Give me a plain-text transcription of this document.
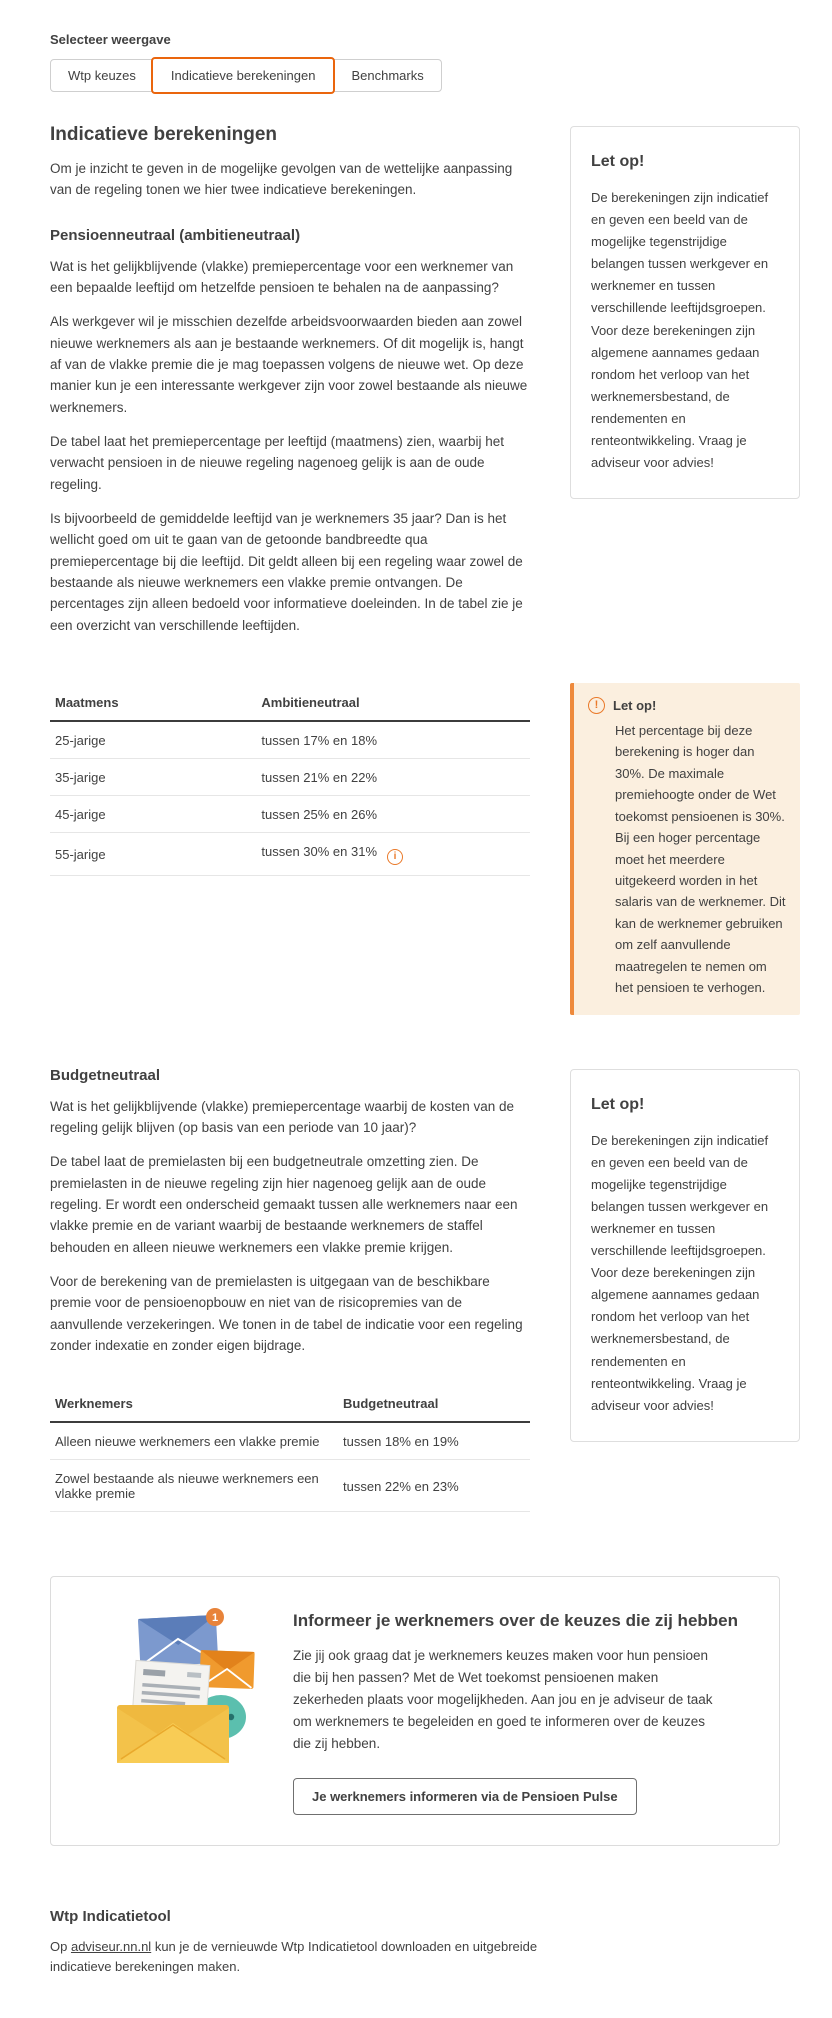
Selecteer weergave
Wtp keuzes	Indicatieve berekeningen	Benchmarks
Indicatieve berekeningen

Om je inzicht te geven in de mogelijke gevolgen van de wettelijke aanpassing van de regeling tonen we hier twee indicatieve berekeningen.

Pensioenneutraal (ambitieneutraal)

Wat is het gelijkblijvende (vlakke) premiepercentage voor een werknemer van een bepaalde leeftijd om hetzelfde pensioen te behalen na de aanpassing?

Als werkgever wil je misschien dezelfde arbeidsvoorwaarden bieden aan zowel nieuwe werknemers als aan je bestaande werknemers. Of dit mogelijk is, hangt af van de vlakke premie die je mag toepassen volgens de nieuwe wet. Op deze manier kun je een interessante werkgever zijn voor zowel bestaande als nieuwe werknemers.

De tabel laat het premiepercentage per leeftijd (maatmens) zien, waarbij het verwacht pensioen in de nieuwe regeling nagenoeg gelijk is aan de oude regeling.

Is bijvoorbeeld de gemiddelde leeftijd van je werknemers 35 jaar? Dan is het wellicht goed om uit te gaan van de getoonde bandbreedte qua premiepercentage bij die leeftijd. Dit geldt alleen bij een regeling waar zowel de bestaande als nieuwe werknemers een vlakke premie ontvangen. De percentages zijn alleen bedoeld voor informatieve doeleinden. In de tabel zie je een overzicht van verschillende leeftijden.

Let op!

De berekeningen zijn indicatief en geven een beeld van de mogelijke tegenstrijdige belangen tussen werkgever en werknemer en tussen verschillende leeftijdsgroepen. Voor deze berekeningen zijn algemene aannames gedaan rondom het verloop van het werknemersbestand, de rendementen en renteontwikkeling. Vraag je adviseur voor advies!

Maatmens	Ambitieneutraal
25-jarige	tussen 17% en 18%
35-jarige	tussen 21% en 22%
45-jarige	tussen 25% en 26%
55-jarige	tussen 30% en 31% i
!	Let op!

Het percentage bij deze berekening is hoger dan 30%. De maximale premiehoogte onder de Wet toekomst pensioenen is 30%. Bij een hoger percentage moet het meerdere uitgekeerd worden in het salaris van de werknemer. Dit kan de werknemer gebruiken om zelf aanvullende maatregelen te nemen om het pensioen te verhogen.

Budgetneutraal

Wat is het gelijkblijvende (vlakke) premiepercentage waarbij de kosten van de regeling gelijk blijven (op basis van een periode van 10 jaar)?

De tabel laat de premielasten bij een budgetneutrale omzetting zien. De premielasten in de nieuwe regeling zijn hier nagenoeg gelijk aan de oude regeling. Er wordt een onderscheid gemaakt tussen alle werknemers naar een vlakke premie en de variant waarbij de bestaande werknemers de staffel behouden en alleen nieuwe werknemers een vlakke premie krijgen.

Voor de berekening van de premielasten is uitgegaan van de beschikbare premie voor de pensioenopbouw en niet van de risicopremies van de aanvullende verzekeringen. We tonen in de tabel de indicatie voor een regeling zonder indexatie en zonder eigen bijdrage.

Werknemers	Budgetneutraal
Alleen nieuwe werknemers een vlakke premie	tussen 18% en 19%
Zowel bestaande als nieuwe werknemers een vlakke premie	tussen 22% en 23%
Let op!

De berekeningen zijn indicatief en geven een beeld van de mogelijke tegenstrijdige belangen tussen werkgever en werknemer en tussen verschillende leeftijdsgroepen. Voor deze berekeningen zijn algemene aannames gedaan rondom het verloop van het werknemersbestand, de rendementen en renteontwikkeling. Vraag je adviseur voor advies!

1	Informeer je werknemers over de keuzes die zij hebben

Zie jij ook graag dat je werknemers keuzes maken voor hun pensioen die bij hen passen? Met de Wet toekomst pensioenen maken zekerheden plaats voor mogelijkheden. Aan jou en je adviseur de taak om werknemers te begeleiden en goed te informeren over de keuzes die zij hebben.

Je werknemers informeren via de Pensioen Pulse
Wtp Indicatietool

Op adviseur.nn.nl kun je de vernieuwde Wtp Indicatietool downloaden en uitgebreide indicatieve berekeningen maken.
